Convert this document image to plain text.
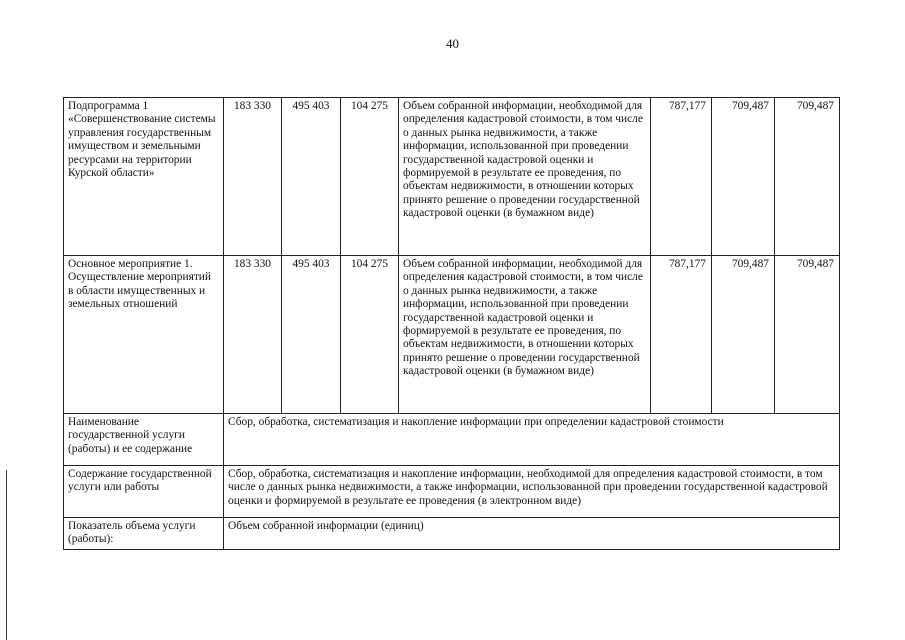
40
Подпрограмма 1 «Совершенствование системы управления государственным имуществом и земельными ресурсами на территории Курской области»	183 330	495 403	104 275	Объем собранной информации, необходимой для определения кадастровой стоимости, в том числе о данных рынка недвижимости, а также информации, использованной при проведении государственной кадастровой оценки и формируемой в результате ее проведения, по объектам недвижимости, в отношении которых принято решение о проведении государственной кадастровой оценки (в бумажном виде)	787,177	709,487	709,487
Основное мероприятие 1. Осуществление мероприятий в области имущественных и земельных отношений	183 330	495 403	104 275	Объем собранной информации, необходимой для определения кадастровой стоимости, в том числе о данных рынка недвижимости, а также информации, использованной при проведении государственной кадастровой оценки и формируемой в результате ее проведения, по объектам недвижимости, в отношении которых принято решение о проведении государственной кадастровой оценки (в бумажном виде)	787,177	709,487	709,487
Наименование государственной услуги (работы) и ее содержание	Сбор, обработка, систематизация и накопление информации при определении кадастровой стоимости						
Содержание государственной услуги или работы	Сбор, обработка, систематизация и накопление информации, необходимой для определения кадастровой стоимости, в том числе о данных рынка недвижимости, а также информации, использованной при проведении государственной кадастровой оценки и формируемой в результате ее проведения (в электронном виде)						
Показатель объема услуги (работы):	Объем собранной информации (единиц)						
